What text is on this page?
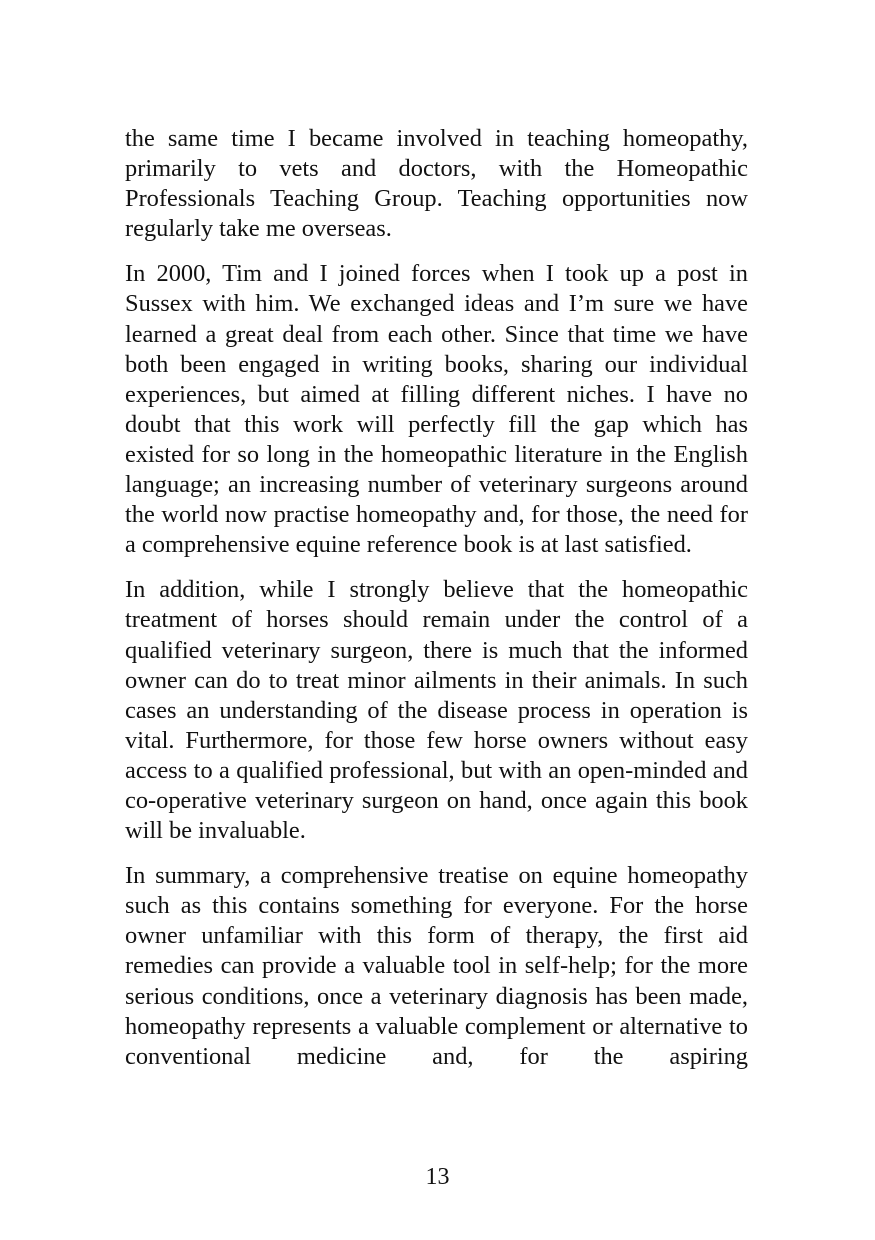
the same time I became involved in teaching homeopathy, primarily to vets and doctors, with the Homeopathic Professionals Teaching Group. Teaching opportunities now regularly take me overseas.

In 2000, Tim and I joined forces when I took up a post in Sussex with him. We exchanged ideas and I’m sure we have learned a great deal from each other. Since that time we have both been engaged in writing books, sharing our individual experiences, but aimed at filling different niches. I have no doubt that this work will perfectly fill the gap which has existed for so long in the homeopathic literature in the English language; an increasing number of veterinary surgeons around the world now practise homeopathy and, for those, the need for a comprehensive equine reference book is at last satisfied.

In addition, while I strongly believe that the homeopathic treatment of horses should remain under the control of a qualified veterinary surgeon, there is much that the informed owner can do to treat minor ailments in their animals. In such cases an understanding of the disease process in operation is vital. Furthermore, for those few horse owners without easy access to a qualified professional, but with an open-minded and co-operative veterinary surgeon on hand, once again this book will be invaluable.

In summary, a comprehensive treatise on equine homeopathy such as this contains something for everyone. For the horse owner unfamiliar with this form of therapy, the first aid remedies can provide a valuable tool in self-help; for the more serious conditions, once a veterinary diagnosis has been made, homeopathy represents a valuable complement or alternative to conventional medicine and, for the aspiring

13
